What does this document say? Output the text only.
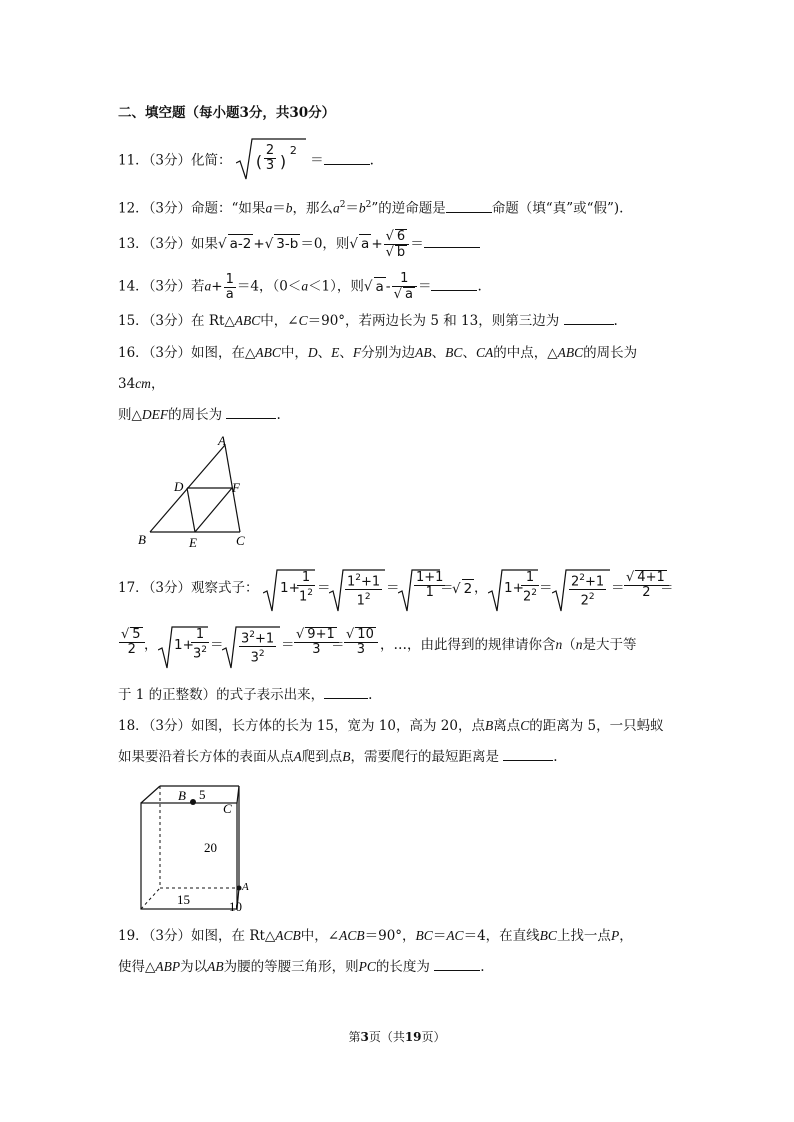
二、填空题（每小题3分，共30分）
11．（3分）化简： ( $\frac{2}{3}$ )
2
＝	.
12．（3分）命题：“如果a＝b，那么$a^2=b^2$”的逆命题是	命题（填“真”或“假”).
13．（3分）如果√ a-2 +√ 3-b ＝0，则√ $a + \frac{√ 6}{√ b}$ ＝
14．（3分）若$a+ \frac{1}{a} =4$，（0＜a＜1），则√ a - $\frac{1}{√ a}$ ＝	.
15．（3分）在 Rt△ABC中，∠C＝90°，若两边长为 5 和 13，则第三边为	.
16．（3分）如图，在△ABC中，D、E、F分别为边AB、BC、CA的中点，△ABC的周长为
34cm，
则△DEF的周长为	.
A
B	C
D
E
F
17．（3分）观察式子： 1+
$\frac{1}{1^2} = \frac{1^2+1}{1^2} = \frac{1+1}{1}$
＝
√ 2 ， 1+
$\frac{1}{2^2} = \frac{2^2+1}{2^2} = \frac{√ 4+1}{2}$
＝
$\frac{√ 5}{2}$ ， 1+
$\frac{1}{3^2} = \frac{3^2+1}{3^2} = \frac{√ 9+1}{3}$
＝ $\frac{√ 10}{3}$ ，…，由此得到的规律请你含n（n是大于等
于 1 的正整数）的式子表示出来，	.
18．（3分）如图，长方体的长为 15，宽为 10，高为 20，点B离点C的距离为 5，一只蚂蚁
如果要沿着长方体的表面从点A爬到点B，需要爬行的最短距离是	.
B 5
C
A
20
15	10
19．（3分）如图，在 Rt△ACB中，∠ACB＝90°，BC＝AC＝4，在直线BC上找一点P，
使得△ABP为以AB为腰的等腰三角形，则PC的长度为	.
第3页（共19页）
